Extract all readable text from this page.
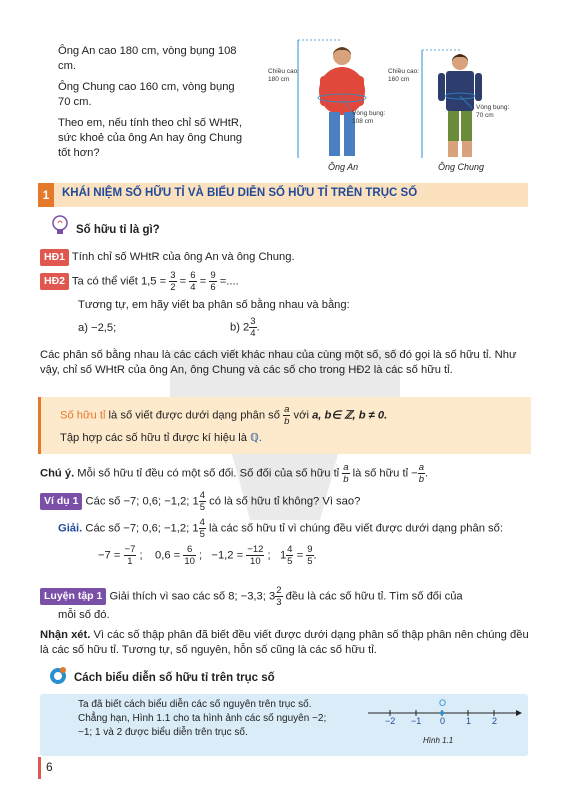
Ông An cao 180 cm, vòng bụng 108 cm.

Ông Chung cao 160 cm, vòng bụng 70 cm.

Theo em, nếu tính theo chỉ số WHtR, sức khoẻ của ông An hay ông Chung tốt hơn?

Chiều cao: 180 cm
Vòng bụng: 108 cm
Chiều cao: 160 cm
Vòng bụng: 70 cm
Ông An	Ông Chung
1	KHÁI NIỆM SỐ HỮU TỈ VÀ BIỂU DIỄN SỐ HỮU TỈ TRÊN TRỤC SỐ
Số hữu tỉ là gì?
HĐ1 Tính chỉ số WHtR của ông An và ông Chung.
HĐ2 Ta có thể viết $1,5 = \frac{3}{2} = \frac{6}{4} = \frac{9}{6}$ =....
Tương tự, em hãy viết ba phân số bằng nhau và bằng:
a) −2,5;	b) $2 \frac{3}{4}$ .
Các phân số bằng nhau là các cách viết khác nhau của cùng một số, số đó gọi là số hữu tỉ. Như vậy, chỉ số WHtR của ông An, ông Chung và các số cho trong HĐ2 là các số hữu tỉ.
Số hữu tỉ là số viết được dưới dạng phân số $\frac{a}{b}$ với a, b∈ ℤ, b ≠ 0.
Tập hợp các số hữu tỉ được kí hiệu là ℚ.
Chú ý. Mỗi số hữu tỉ đều có một số đối. Số đối của số hữu tỉ $\frac{a}{b}$ là số hữu tỉ − $\frac{a}{b}$ .
Ví dụ 1 Các số −7; 0,6; −1,2; $1 \frac{4}{5}$ có là số hữu tỉ không? Vì sao?
Giải. Các số −7; 0,6; −1,2; $1 \frac{4}{5}$ là các số hữu tỉ vì chúng đều viết được dưới dạng phân số:
$-7 = \frac{-7}{1}$ ;    $0,6 = \frac{6}{10}$ ;   $-1,2 = \frac{-12}{10}$ ;   $1 \frac{4}{5} = \frac{9}{5}$ .
Luyện tập 1 Giải thích vì sao các số 8; −3,3; $3 \frac{2}{3}$ đều là các số hữu tỉ. Tìm số đối của
mỗi số đó.
Nhận xét. Vì các số thập phân đã biết đều viết được dưới dạng phân số thập phân nên chúng đều là các số hữu tỉ. Tương tự, số nguyên, hỗn số cũng là các số hữu tỉ.
Cách biểu diễn số hữu tỉ trên trục số
Ta đã biết cách biểu diễn các số nguyên trên trục số. Chẳng hạn, Hình 1.1 cho ta hình ảnh các số nguyên −2; −1; 1 và 2 được biểu diễn trên trục số.
O
−2 −1 0 1 2
Hình 1.1
6
